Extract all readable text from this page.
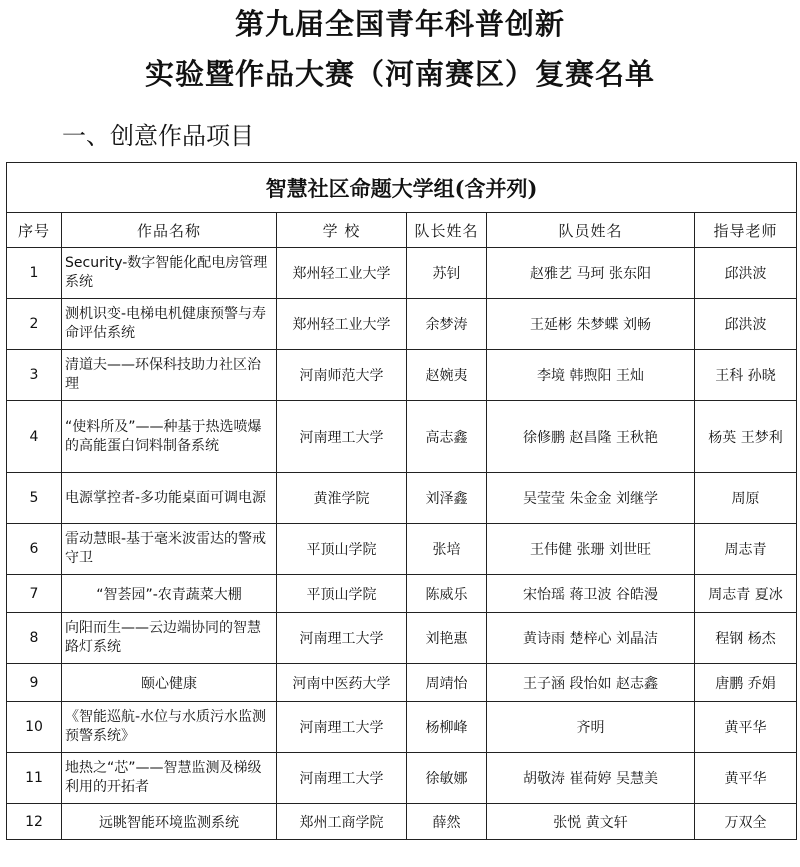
第九届全国青年科普创新
实验暨作品大赛（河南赛区）复赛名单
一、创意作品项目
智慧社区命题大学组(含并列)					
序号	作品名称	学 校	队长姓名	队员姓名	指导老师
1	Security-数字智能化配电房管理系统	郑州轻工业大学	苏钊	赵雅艺 马珂 张东阳	邱洪波
2	测机识变-电梯电机健康预警与寿命评估系统	郑州轻工业大学	余梦涛	王延彬 朱梦蝶 刘畅	邱洪波
3	清道夫——环保科技助力社区治理	河南师范大学	赵婉夷	李境 韩煦阳 王灿	王科 孙晓
4	“使料所及”——种基于热选喷爆的高能蛋白饲料制备系统	河南理工大学	高志鑫	徐修鹏 赵昌隆 王秋艳	杨英 王梦利
5	电源掌控者-多功能桌面可调电源	黄淮学院	刘泽鑫	吴莹莹 朱金金 刘继学	周原
6	雷动慧眼-基于毫米波雷达的警戒守卫	平顶山学院	张培	王伟健 张珊 刘世旺	周志青
7	“智荟园”-农青蔬菜大棚	平顶山学院	陈威乐	宋怡瑶 蒋卫波 谷皓漫	周志青 夏冰
8	向阳而生——云边端协同的智慧路灯系统	河南理工大学	刘艳惠	黄诗雨 楚梓心 刘晶洁	程钢 杨杰
9	颐心健康	河南中医药大学	周靖怡	王子涵 段怡如 赵志鑫	唐鹏 乔娟
10	《智能巡航-水位与水质污水监测预警系统》	河南理工大学	杨柳峰	齐明	黄平华
11	地热之“芯”——智慧监测及梯级利用的开拓者	河南理工大学	徐敏娜	胡敬涛 崔荷婷 吴慧美	黄平华
12	远眺智能环境监测系统	郑州工商学院	薛然	张悦 黄文轩	万双全
